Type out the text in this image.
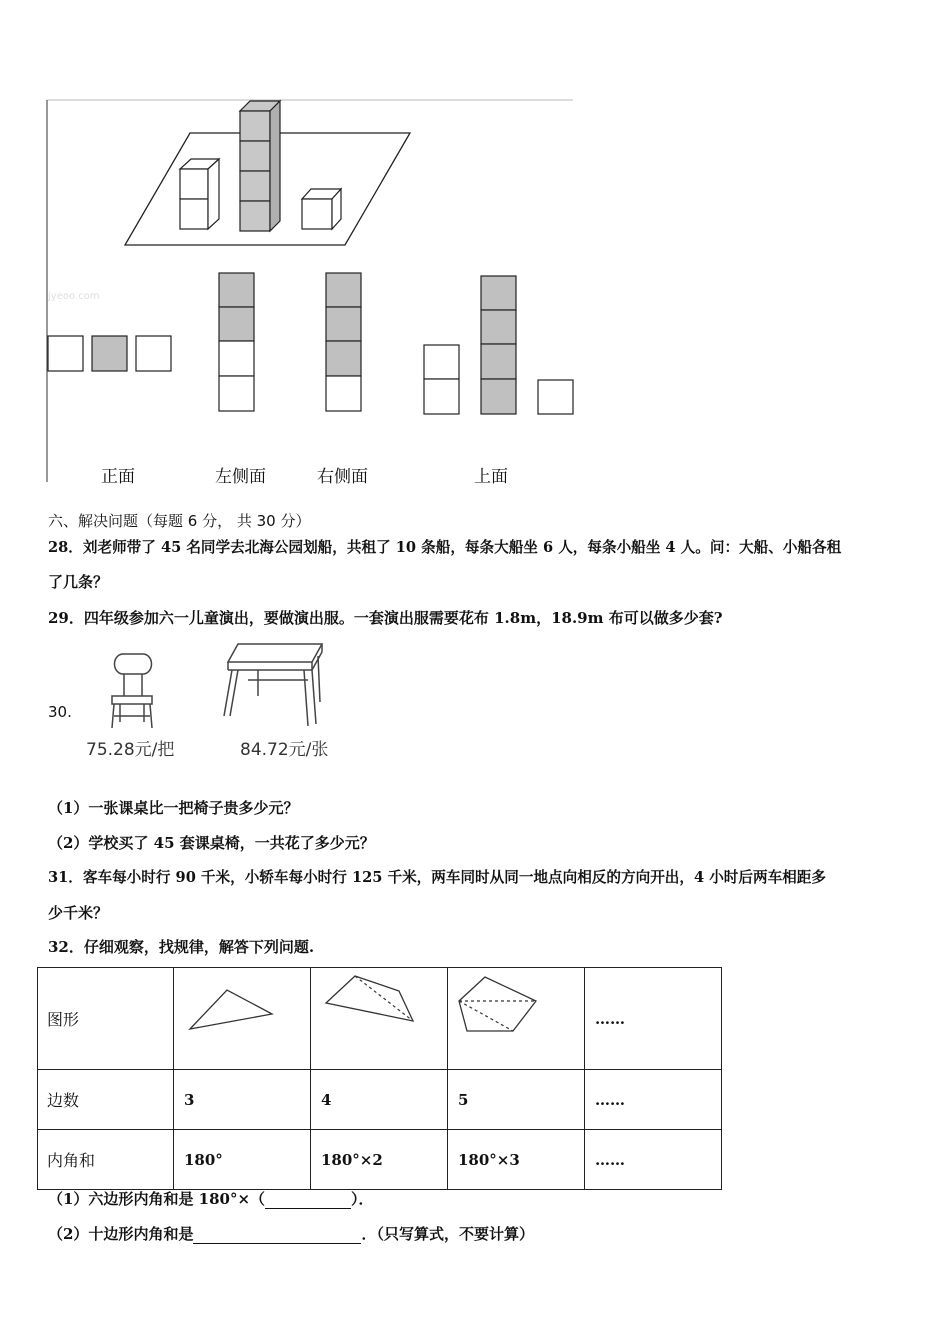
jyeoo.com
正面	左侧面	右侧面	上面
六、解决问题（每题 6 分， 共 30 分）
28．刘老师带了 45 名同学去北海公园划船，共租了 10 条船，每条大船坐 6 人，每条小船坐 4 人。问：大船、小船各租
了几条？
29．四年级参加六一儿童演出，要做演出服。一套演出服需要花布 1.8m，18.9m 布可以做多少套?
30.
75.28元/把	84.72元/张
（1）一张课桌比一把椅子贵多少元？
（2）学校买了 45 套课桌椅，一共花了多少元？
31．客车每小时行 90 千米，小轿车每小时行 125 千米，两车同时从同一地点向相反的方向开出，4 小时后两车相距多
少千米？
32．仔细观察，找规律，解答下列问题.
图形				……
边数	3	4	5	……
内角和	180°	180°×2	180°×3	……
（1）六边形内角和是 180°×（	）．
（2）十边形内角和是	．（只写算式，不要计算）
